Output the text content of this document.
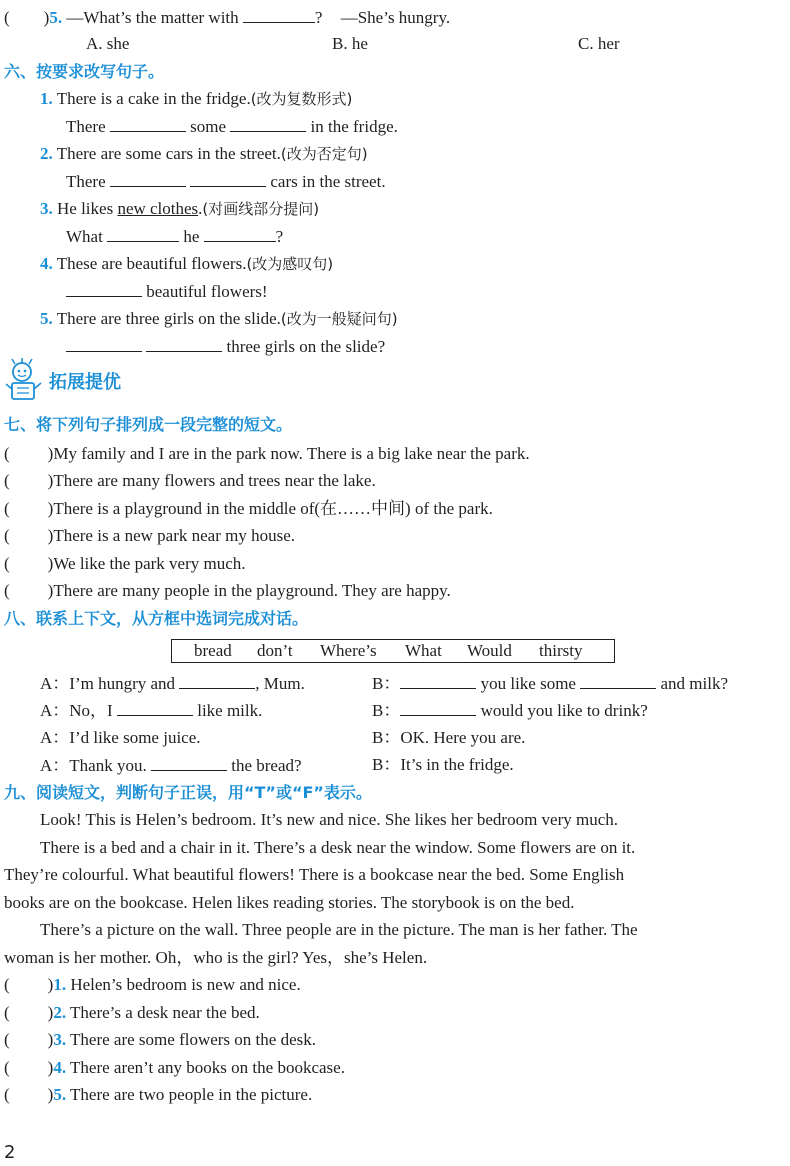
( )5. —What’s the matter with	? —She’s hungry.
A. she	B. he	C. her
六、按要求改写句子。
1. There is a cake in the fridge.(改为复数形式)
There	some	in the fridge.
2. There are some cars in the street.(改为否定句)
There	cars in the street.
3. He likes new clothes.(对画线部分提问)
What	he	?
4. These are beautiful flowers.(改为感叹句)
beautiful flowers!
5. There are three girls on the slide.(改为一般疑问句)
three girls on the slide?
拓展提优
七、将下列句子排列成一段完整的短文。
( )My family and I are in the park now. There is a big lake near the park.
( )There are many flowers and trees near the lake.
( )There is a playground in the middle of(在……中间) of the park.
( )There is a new park near my house.
( )We like the park very much.
( )There are many people in the playground. They are happy.
八、联系上下文，从方框中选词完成对话。
bread don’t Where’s What Would thirsty
A：I’m hungry and	, Mum.	B：	you like some	and milk?
A：No，I	like milk.	B：	would you like to drink?
A：I’d like some juice.	B：OK. Here you are.
A：Thank you.	the bread?	B：It’s in the fridge.
九、阅读短文，判断句子正误，用“T”或“F”表示。
Look! This is Helen’s bedroom. It’s new and nice. She likes her bedroom very much.
There is a bed and a chair in it. There’s a desk near the window. Some flowers are on it.
They’re colourful. What beautiful flowers! There is a bookcase near the bed. Some English
books are on the bookcase. Helen likes reading stories. The storybook is on the bed.
There’s a picture on the wall. Three people are in the picture. The man is her father. The
woman is her mother. Oh，who is the girl? Yes，she’s Helen.
( )1. Helen’s bedroom is new and nice.
( )2. There’s a desk near the bed.
( )3. There are some flowers on the desk.
( )4. There aren’t any books on the bookcase.
( )5. There are two people in the picture.
2
